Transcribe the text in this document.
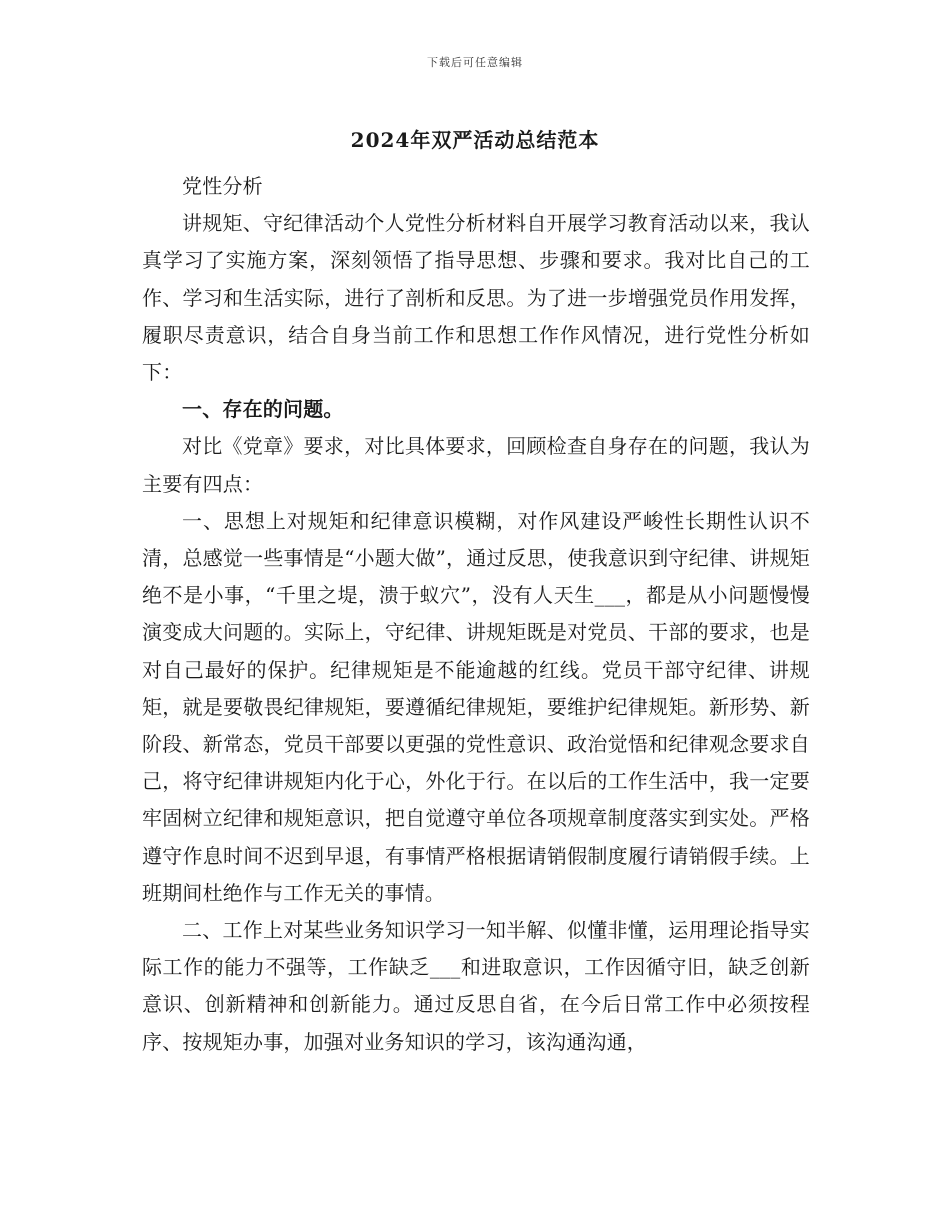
下载后可任意编辑
2024年双严活动总结范本

党性分析

讲规矩、守纪律活动个人党性分析材料自开展学习教育活动以来，我认真学习了实施方案，深刻领悟了指导思想、步骤和要求。我对比自己的工作、学习和生活实际，进行了剖析和反思。为了进一步增强党员作用发挥，履职尽责意识，结合自身当前工作和思想工作作风情况，进行党性分析如下：

一、存在的问题。

对比《党章》要求，对比具体要求，回顾检查自身存在的问题，我认为主要有四点：

一、思想上对规矩和纪律意识模糊，对作风建设严峻性长期性认识不清，总感觉一些事情是“小题大做”，通过反思，使我意识到守纪律、讲规矩绝不是小事，“千里之堤，溃于蚁穴”，没有人天生___，都是从小问题慢慢演变成大问题的。实际上，守纪律、讲规矩既是对党员、干部的要求，也是对自己最好的保护。纪律规矩是不能逾越的红线。党员干部守纪律、讲规矩，就是要敬畏纪律规矩，要遵循纪律规矩，要维护纪律规矩。新形势、新阶段、新常态，党员干部要以更强的党性意识、政治觉悟和纪律观念要求自己，将守纪律讲规矩内化于心，外化于行。在以后的工作生活中，我一定要牢固树立纪律和规矩意识，把自觉遵守单位各项规章制度落实到实处。严格遵守作息时间不迟到早退，有事情严格根据请销假制度履行请销假手续。上班期间杜绝作与工作无关的事情。

二、工作上对某些业务知识学习一知半解、似懂非懂，运用理论指导实际工作的能力不强等，工作缺乏___和进取意识，工作因循守旧，缺乏创新意识、创新精神和创新能力。通过反思自省，在今后日常工作中必须按程序、按规矩办事，加强对业务知识的学习，该沟通沟通，
